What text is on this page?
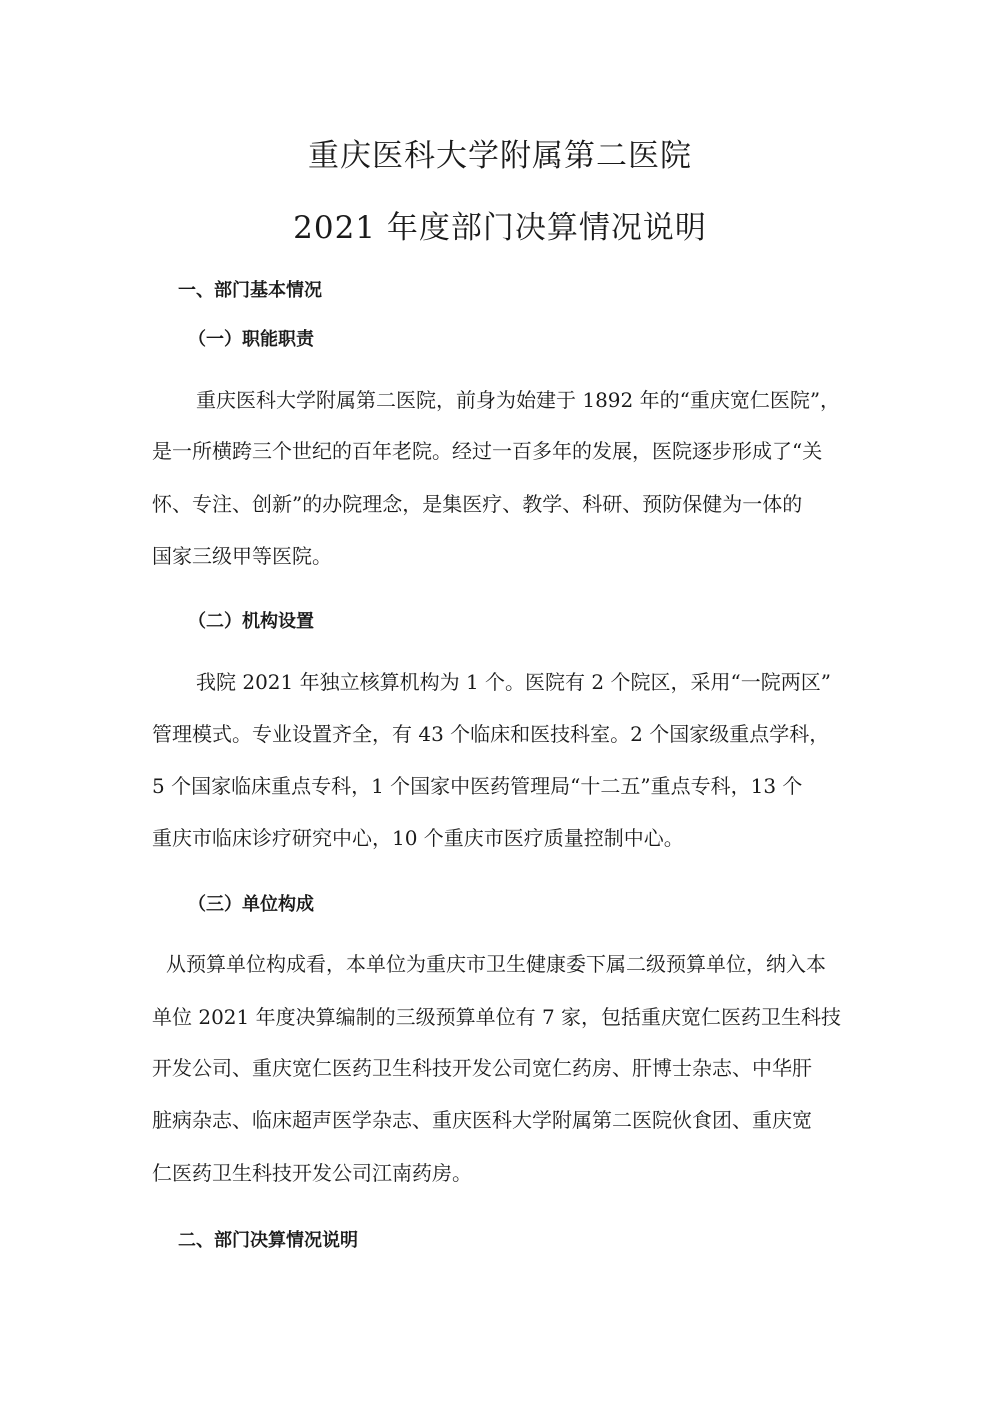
重庆医科大学附属第二医院
2021 年度部门决算情况说明
一、部门基本情况
（一）职能职责
重庆医科大学附属第二医院，前身为始建于 1892 年的“重庆宽仁医院”，
是一所横跨三个世纪的百年老院。经过一百多年的发展，医院逐步形成了“关
怀、专注、创新”的办院理念，是集医疗、教学、科研、预防保健为一体的
国家三级甲等医院。
（二）机构设置
我院 2021 年独立核算机构为 1 个。医院有 2 个院区，采用“一院两区”
管理模式。专业设置齐全，有 43 个临床和医技科室。2 个国家级重点学科，
5 个国家临床重点专科，1 个国家中医药管理局“十二五”重点专科，13 个
重庆市临床诊疗研究中心，10 个重庆市医疗质量控制中心。
（三）单位构成
从预算单位构成看，本单位为重庆市卫生健康委下属二级预算单位，纳入本
单位 2021 年度决算编制的三级预算单位有 7 家，包括重庆宽仁医药卫生科技
开发公司、重庆宽仁医药卫生科技开发公司宽仁药房、肝博士杂志、中华肝
脏病杂志、临床超声医学杂志、重庆医科大学附属第二医院伙食团、重庆宽
仁医药卫生科技开发公司江南药房。
二、部门决算情况说明
